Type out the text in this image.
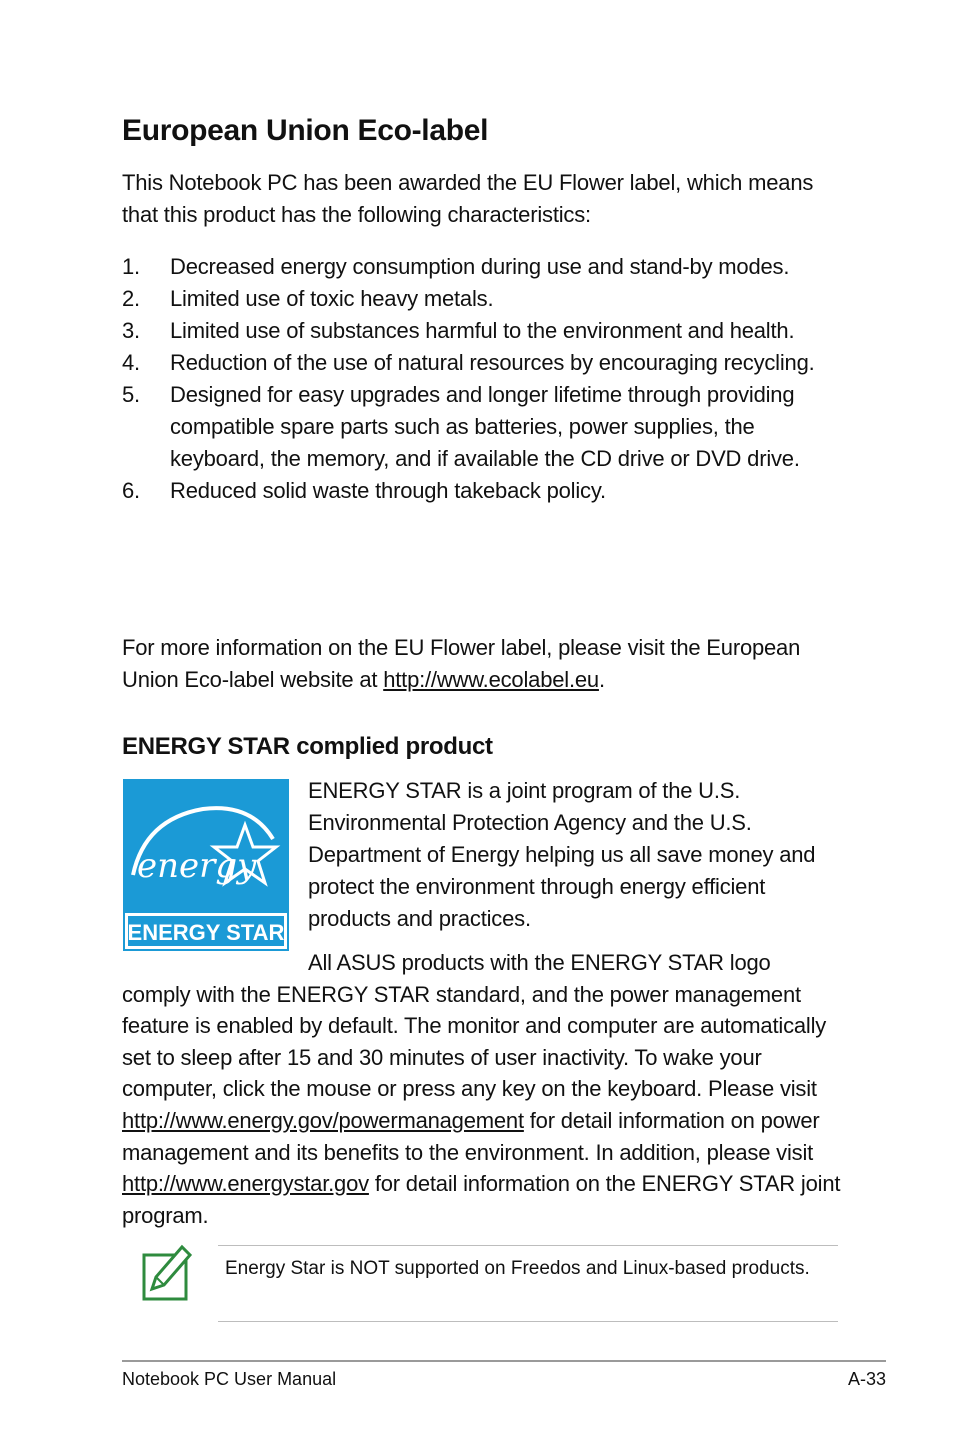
European Union Eco-label

This Notebook PC has been awarded the EU Flower label, which means that this product has the following characteristics:

1. Decreased energy consumption during use and stand-by modes.
2. Limited use of toxic heavy metals.
3. Limited use of substances harmful to the environment and health.
4. Reduction of the use of natural resources by encouraging recycling.
5. Designed for easy upgrades and longer lifetime through providing compatible spare parts such as batteries, power supplies, the keyboard, the memory, and if available the CD drive or DVD drive.
6. Reduced solid waste through takeback policy.

For more information on the EU Flower label, please visit the European Union Eco-label website at http://www.ecolabel.eu.

ENERGY STAR complied product
energy
ENERGY STAR

ENERGY STAR is a joint program of the U.S. Environmental Protection Agency and the U.S. Department of Energy helping us all save money and protect the environment through energy efficient products and practices.

All ASUS products with the ENERGY STAR logo comply with the ENERGY STAR standard, and the power management feature is enabled by default. The monitor and computer are automatically set to sleep after 15 and 30 minutes of user inactivity. To wake your computer, click the mouse or press any key on the keyboard. Please visit http://www.energy.gov/powermanagement for detail information on power management and its benefits to the environment. In addition, please visit http://www.energystar.gov for detail information on the ENERGY STAR joint program.

Energy Star is NOT supported on Freedos and Linux-based products.

Notebook PC User Manual	A-33
